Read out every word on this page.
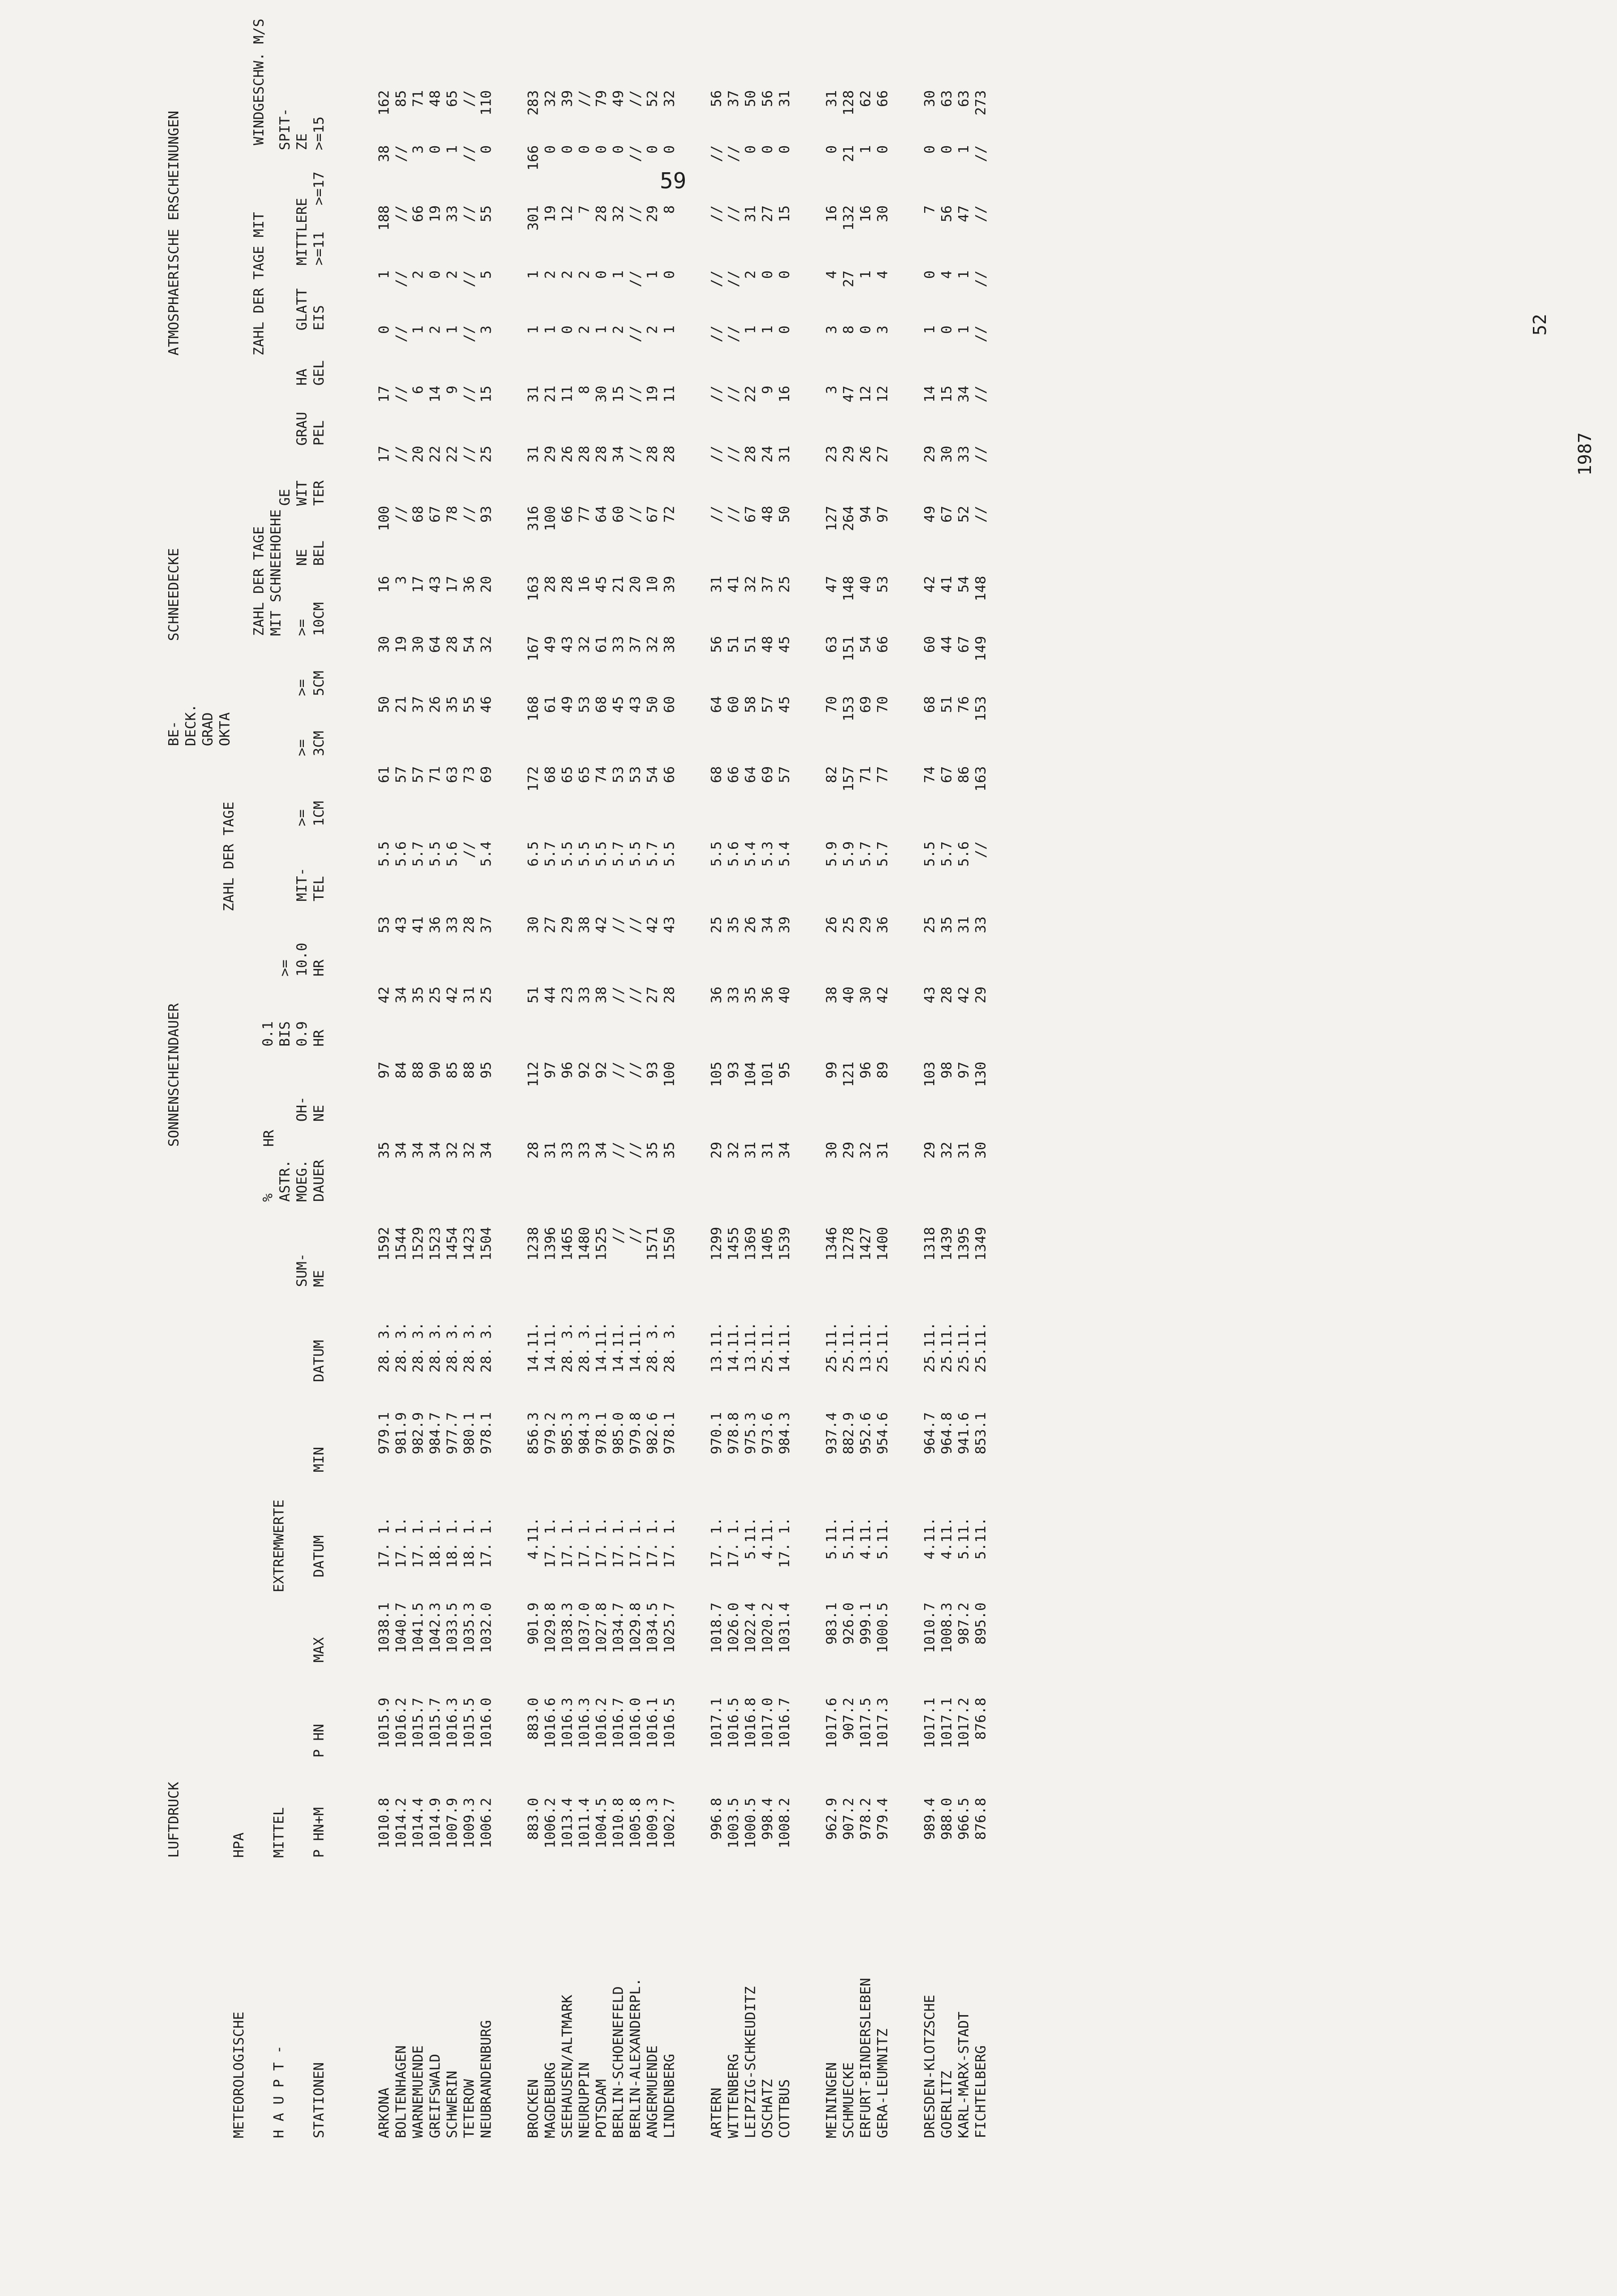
59
1987
52
METEOROLOGISCHE H A U P T - STATIONEN
LUFTDRUCK	HPA MITTEL
EXTREMWERTE
SONNENSCHEINDAUER	HR
BE-
DECK.
GRAD
OKTA
SCHNEEDECKE
ATMOSPHAERISCHE ERSCHEINUNGEN
ZAHL DER TAGE
ZAHL DER TAGE
MIT SCHNEEHOEHE
ZAHL DER TAGE MIT
WINDGESCHW. M/S
P HN+M
P HN
MAX
DATUM
MIN
DATUM
SUM-
ME
%
ASTR.
MOEG.
DAUER
OH-
NE
0.1
BIS
0.9
HR
>=
10.0
HR
MIT-
TEL
>=
1CM
>=
3CM
>=
5CM
>=
10CM
NE
BEL
GE
WIT
TER
GRAU
PEL
HA
GEL
GLATT
EIS
MITTLERE
>=11

>=17
SPIT-
ZE
>=15
ARKONA
1010.8
1015.9
1038.1
17. 1.
979.1
28. 3.
1592
35
97
42
53
5.5
61
50
30
16
100
17
17
0
1
188
38
162
BOLTENHAGEN
1014.2
1016.2
1040.7
17. 1.
981.9
28. 3.
1544
34
84
34
43
5.6
57
21
19
3
//
//
//
//
//
//
//
85
WARNEMUENDE
1014.4
1015.7
1041.5
17. 1.
982.9
28. 3.
1529
34
88
35
41
5.7
57
37
30
17
68
20
6
1
2
66
3
71
GREIFSWALD
1014.9
1015.7
1042.3
18. 1.
984.7
28. 3.
1523
34
90
25
36
5.5
71
26
64
43
67
22
14
2
0
19
0
48
SCHWERIN
1007.9
1016.3
1033.5
18. 1.
977.7
28. 3.
1454
32
85
42
33
5.6
63
35
28
17
78
22
9
1
2
33
1
65
TETEROW
1009.3
1015.5
1035.3
18. 1.
980.1
28. 3.
1423
32
88
31
28
//
73
55
54
36
//
//
//
//
//
//
//
//
NEUBRANDENBURG
1006.2
1016.0
1032.0
17. 1.
978.1
28. 3.
1504
34
95
25
37
5.4
69
46
32
20
93
25
15
3
5
55
0
110
BROCKEN
883.0
883.0
901.9
4.11.
856.3
14.11.
1238
28
112
51
30
6.5
172
168
167
163
316
31
31
1
1
301
166
283
MAGDEBURG
1006.2
1016.6
1029.8
17. 1.
979.2
14.11.
1396
31
97
44
27
5.7
68
61
49
28
100
29
21
1
2
19
0
32
SEEHAUSEN/ALTMARK
1013.4
1016.3
1038.3
17. 1.
985.3
28. 3.
1465
33
96
23
29
5.5
65
49
43
28
66
26
11
0
2
12
0
39
NEURUPPIN
1011.4
1016.3
1037.0
17. 1.
984.3
28. 3.
1480
33
92
33
38
5.5
65
53
32
16
77
28
8
2
2
7
0
//
POTSDAM
1004.5
1016.2
1027.8
17. 1.
978.1
14.11.
1525
34
92
38
42
5.5
74
68
61
45
64
28
30
1
0
28
0
79
BERLIN-SCHOENEFELD
1010.8
1016.7
1034.7
17. 1.
985.0
14.11.
//
//
//
//
//
5.7
53
45
33
21
60
34
15
2
1
32
0
49
BERLIN-ALEXANDERPL.
1005.8
1016.0
1029.8
17. 1.
979.8
14.11.
//
//
//
//
//
5.5
53
43
37
20
//
//
//
//
//
//
//
//
ANGERMUENDE
1009.3
1016.1
1034.5
17. 1.
982.6
28. 3.
1571
35
93
27
42
5.7
54
50
32
10
67
28
19
2
1
29
0
52
LINDENBERG
1002.7
1016.5
1025.7
17. 1.
978.1
28. 3.
1550
35
100
28
43
5.5
66
60
38
39
72
28
11
1
0
8
0
32
ARTERN
996.8
1017.1
1018.7
17. 1.
970.1
13.11.
1299
29
105
36
25
5.5
68
64
56
31
//
//
//
//
//
//
//
56
WITTENBERG
1003.5
1016.5
1026.0
17. 1.
978.8
14.11.
1455
32
93
33
35
5.6
66
60
51
41
//
//
//
//
//
//
//
37
LEIPZIG-SCHKEUDITZ
1000.5
1016.8
1022.4
5.11.
975.3
13.11.
1369
31
104
35
26
5.4
64
58
51
32
67
28
22
1
2
31
0
50
OSCHATZ
998.4
1017.0
1020.2
4.11.
973.6
25.11.
1405
31
101
36
34
5.3
69
57
48
37
48
24
9
1
0
27
0
56
COTTBUS
1008.2
1016.7
1031.4
17. 1.
984.3
14.11.
1539
34
95
40
39
5.4
57
45
45
25
50
31
16
0
0
15
0
31
MEININGEN
962.9
1017.6
983.1
5.11.
937.4
25.11.
1346
30
99
38
26
5.9
82
70
63
47
127
23
3
3
4
16
0
31
SCHMUECKE
907.2
907.2
926.0
5.11.
882.9
25.11.
1278
29
121
40
25
5.9
157
153
151
148
264
29
47
8
27
132
21
128
ERFURT-BINDERSLEBEN
978.2
1017.5
999.1
4.11.
952.6
13.11.
1427
32
96
30
29
5.7
71
69
54
40
94
26
12
0
1
16
1
62
GERA-LEUMNITZ
979.4
1017.3
1000.5
5.11.
954.6
25.11.
1400
31
89
42
36
5.7
77
70
66
53
97
27
12
3
4
30
0
66
DRESDEN-KLOTZSCHE
989.4
1017.1
1010.7
4.11.
964.7
25.11.
1318
29
103
43
25
5.5
74
68
60
42
49
29
14
1
0
7
0
30
GOERLITZ
988.0
1017.1
1008.3
4.11.
964.8
25.11.
1439
32
98
28
35
5.7
67
51
44
41
67
30
15
0
4
56
0
63
KARL-MARX-STADT
966.5
1017.2
987.2
5.11.
941.6
25.11.
1395
31
97
42
31
5.6
86
76
67
54
52
33
34
1
1
47
1
63
FICHTELBERG
876.8
876.8
895.0
5.11.
853.1
25.11.
1349
30
130
29
33
//
163
153
149
148
//
//
//
//
//
//
//
273
